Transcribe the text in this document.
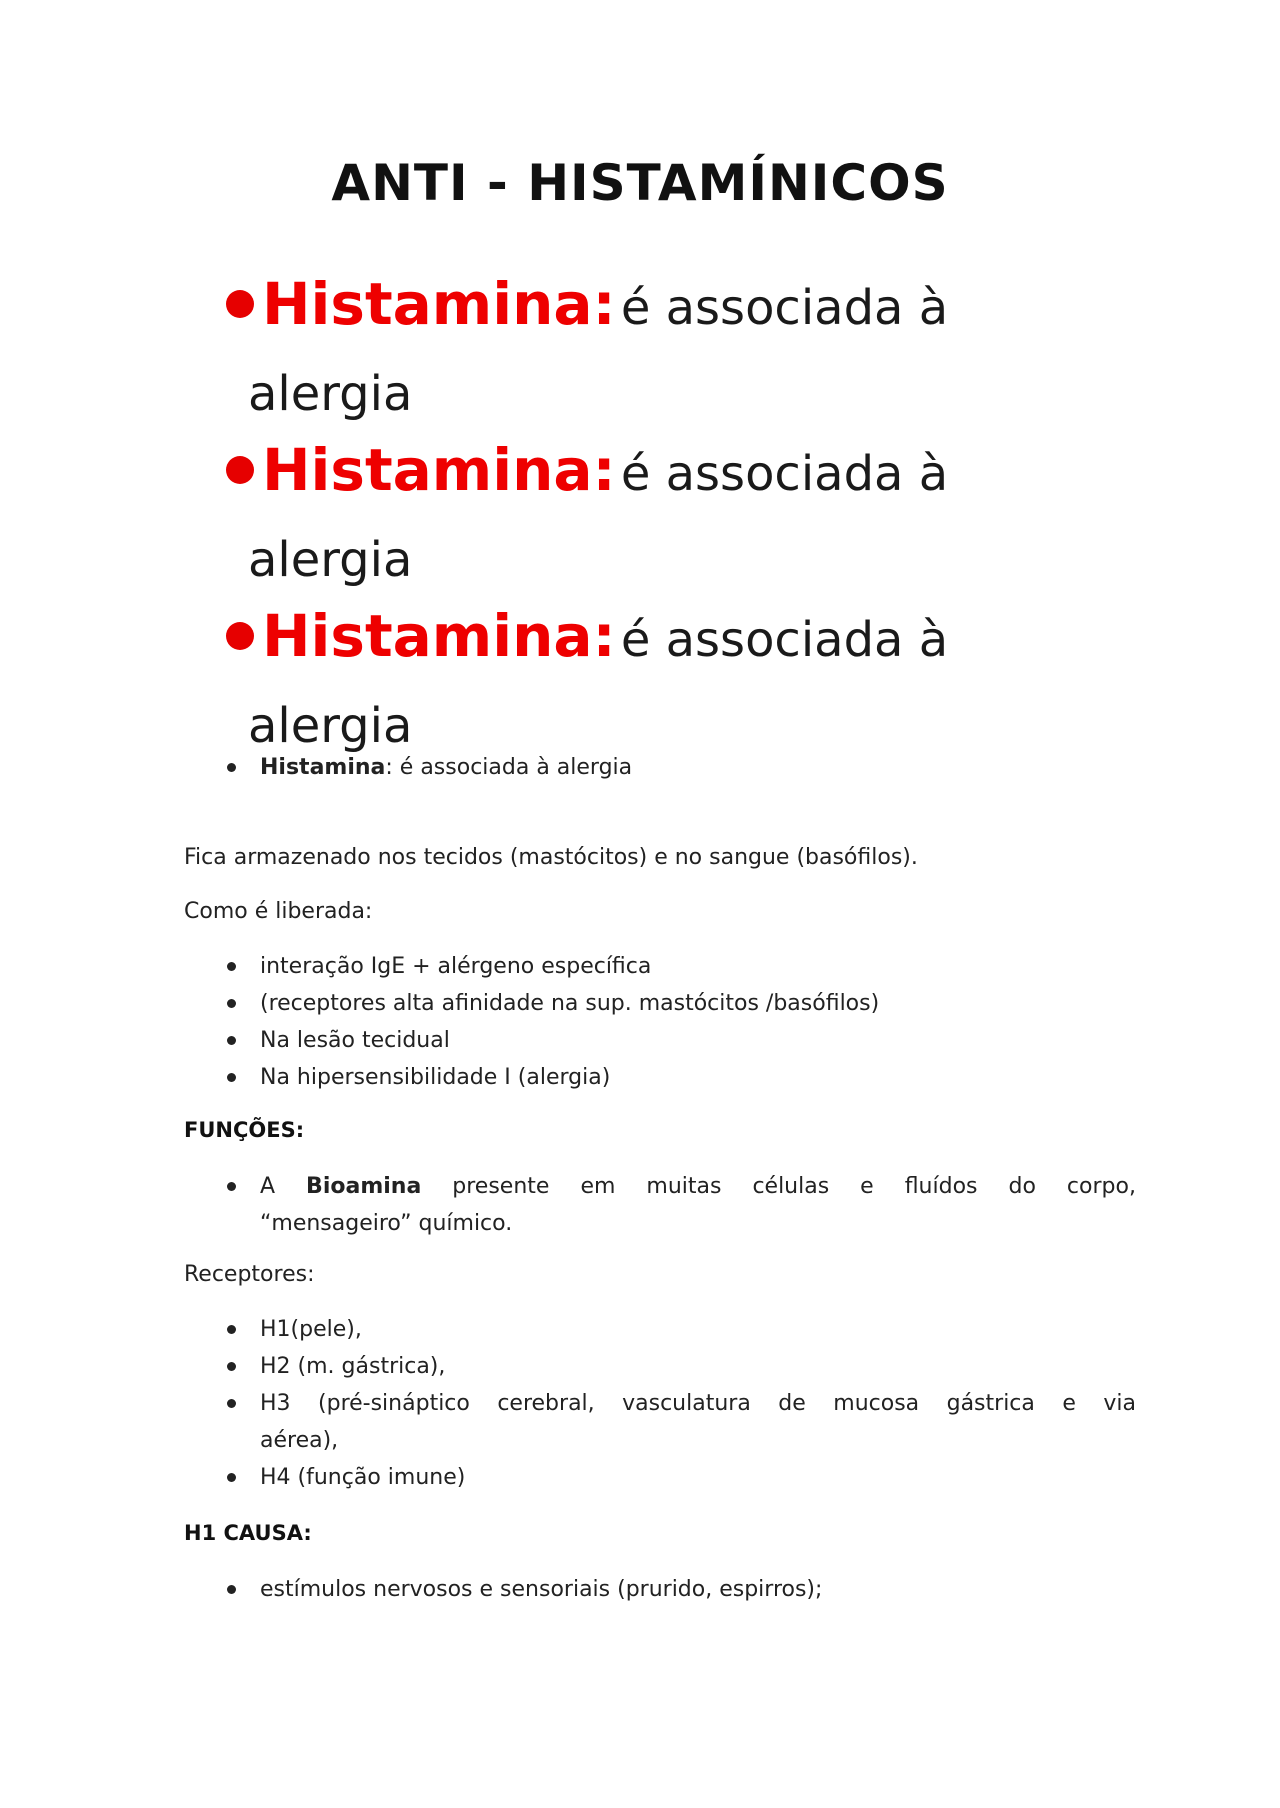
ANTI - HISTAMÍNICOS
Histamina: é associada à
alergia
Histamina: é associada à
alergia
Histamina: é associada à
alergia
Histamina: é associada à alergia

Fica armazenado nos tecidos (mastócitos) e no sangue (basófilos).

Como é liberada:

interação IgE + alérgeno específica
(receptores alta afinidade na sup. mastócitos /basófilos)
Na lesão tecidual
Na hipersensibilidade I (alergia)

FUNÇÕES:

A Bioamina presente em muitas células e fluídos do corpo,
“mensageiro” químico.

Receptores:

H1(pele),
H2 (m. gástrica),
H3 (pré-sináptico cerebral, vasculatura de mucosa gástrica e via
aérea),
H4 (função imune)

H1 CAUSA:

estímulos nervosos e sensoriais (prurido, espirros);
